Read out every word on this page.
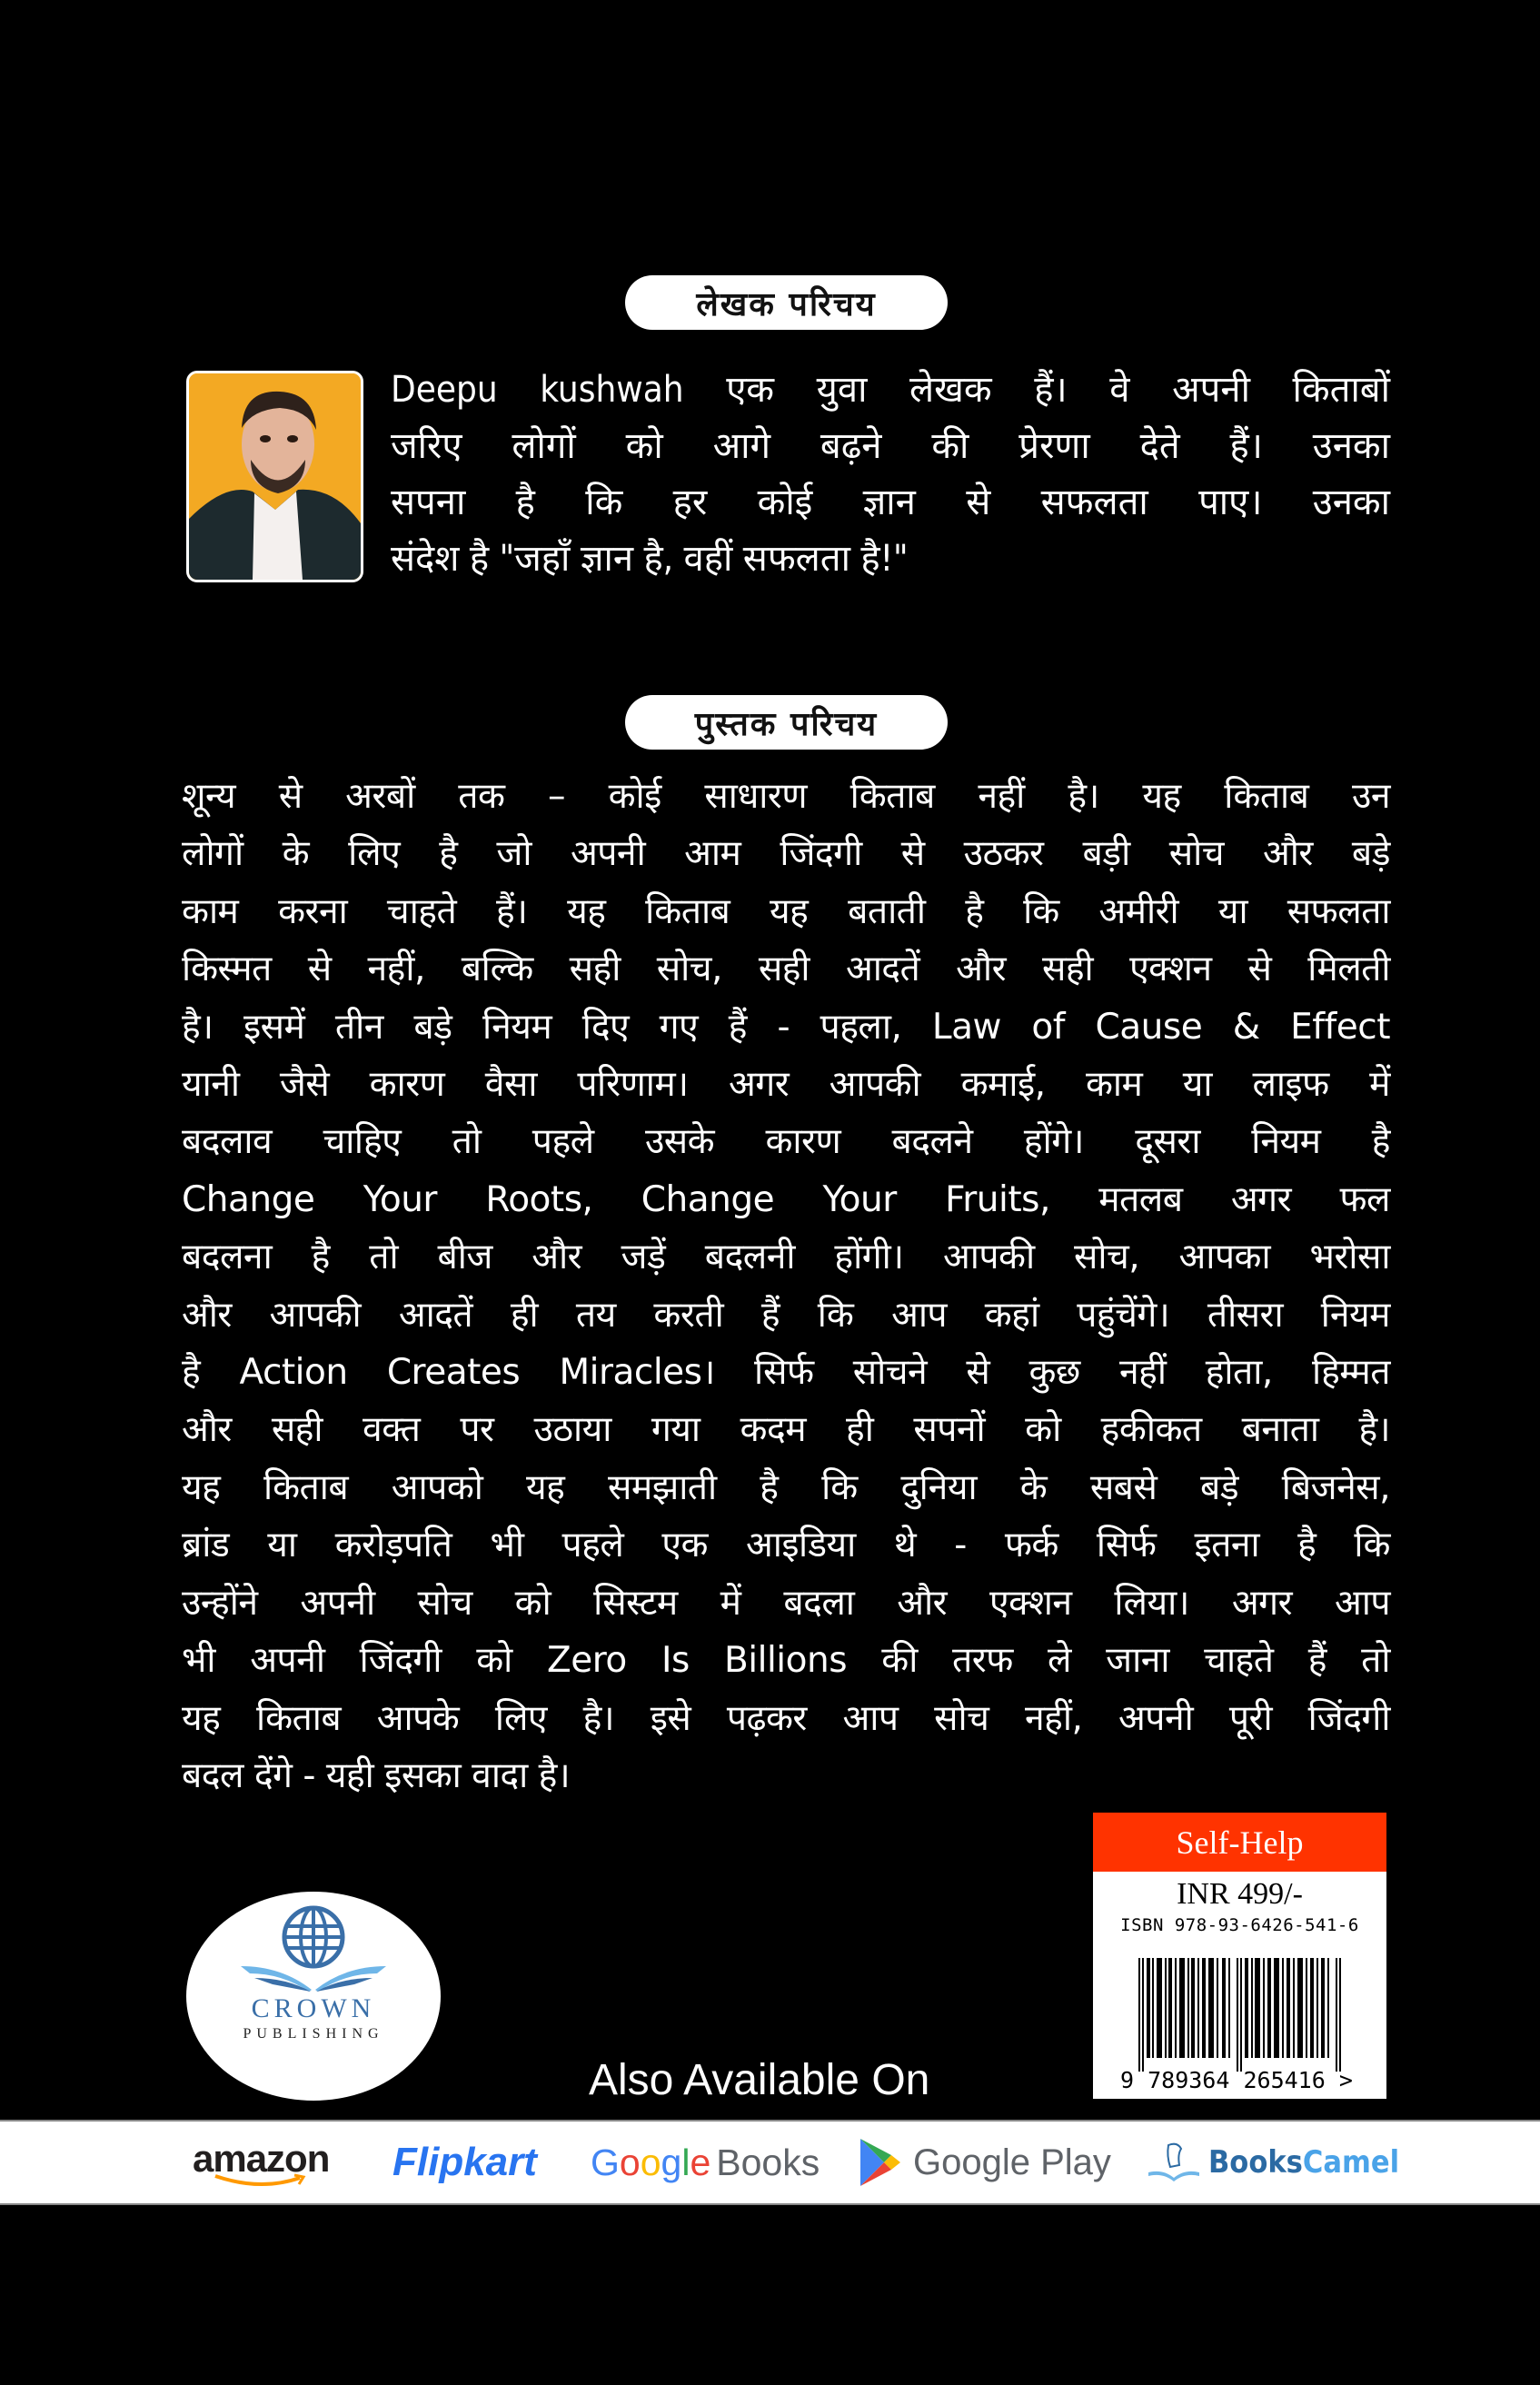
लेखक परिचय
Deepu kushwah एक युवा लेखक हैं। वे अपनी किताबों
जरिए लोगों को आगे बढ़ने की प्रेरणा देते हैं। उनका
सपना है कि हर कोई ज्ञान से सफलता पाए। उनका
संदेश है "जहाँ ज्ञान है, वहीं सफलता है!"
पुस्तक परिचय
शून्य से अरबों तक – कोई साधारण किताब नहीं है। यह किताब उन
लोगों के लिए है जो अपनी आम जिंदगी से उठकर बड़ी सोच और बड़े
काम करना चाहते हैं। यह किताब यह बताती है कि अमीरी या सफलता
किस्मत से नहीं, बल्कि सही सोच, सही आदतें और सही एक्शन से मिलती
है। इसमें तीन बड़े नियम दिए गए हैं - पहला, Law of Cause & Effect
यानी जैसे कारण वैसा परिणाम। अगर आपकी कमाई, काम या लाइफ में
बदलाव चाहिए तो पहले उसके कारण बदलने होंगे। दूसरा नियम है
Change Your Roots, Change Your Fruits, मतलब अगर फल
बदलना है तो बीज और जड़ें बदलनी होंगी। आपकी सोच, आपका भरोसा
और आपकी आदतें ही तय करती हैं कि आप कहां पहुंचेंगे। तीसरा नियम
है Action Creates Miracles। सिर्फ सोचने से कुछ नहीं होता, हिम्मत
और सही वक्त पर उठाया गया कदम ही सपनों को हकीकत बनाता है।
यह किताब आपको यह समझाती है कि दुनिया के सबसे बड़े बिजनेस,
ब्रांड या करोड़पति भी पहले एक आइडिया थे - फर्क सिर्फ इतना है कि
उन्होंने अपनी सोच को सिस्टम में बदला और एक्शन लिया। अगर आप
भी अपनी जिंदगी को Zero Is Billions की तरफ ले जाना चाहते हैं तो
यह किताब आपके लिए है। इसे पढ़कर आप सोच नहीं, अपनी पूरी जिंदगी
बदल देंगे - यही इसका वादा है।
Self-Help
INR 499/-
ISBN 978-93-6426-541-6
9 789364 265416 >
CROWN
PUBLISHING
Also Available On
amazon Flipkart Google Books	Google Play	Books Camel
